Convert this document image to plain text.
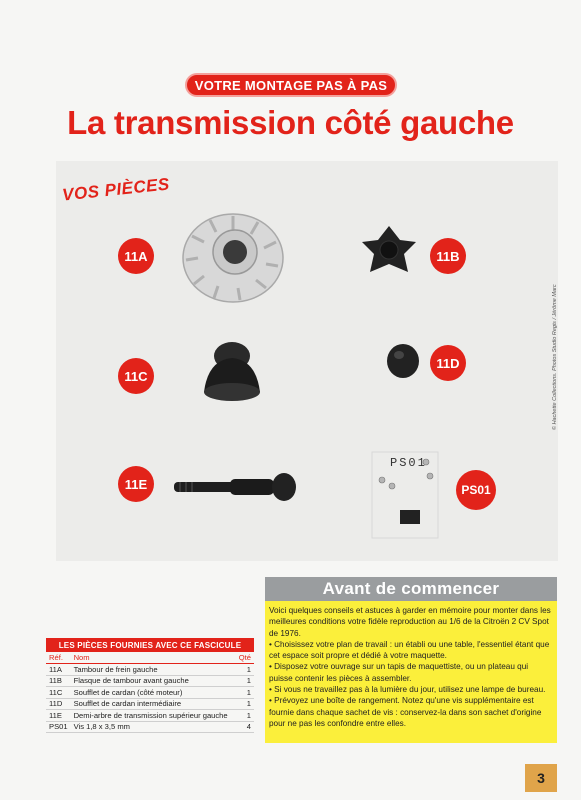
VOTRE MONTAGE PAS À PAS
La transmission côté gauche
VOS PIÈCES
PS01
11A	11B
11C
11D
11E	PS01
© Hachette Collections. Photos Studio Regis / Jérôme Marc
LES PIÈCES FOURNIES AVEC CE FASCICULE
Réf.	Nom	Qté
11A	Tambour de frein gauche	1
11B	Flasque de tambour avant gauche	1
11C	Soufflet de cardan (côté moteur)	1
11D	Soufflet de cardan intermédiaire	1
11E	Demi-arbre de transmission supérieur gauche	1
PS01	Vis 1,8 x 3,5 mm	4
Avant de commencer

Voici quelques conseils et astuces à garder en mémoire pour monter dans les meilleures conditions votre fidèle reproduction au 1/6 de la Citroën 2 CV Spot de 1976.

• Choisissez votre plan de travail : un établi ou une table, l'essentiel étant que cet espace soit propre et dédié à votre maquette.

• Disposez votre ouvrage sur un tapis de maquettiste, ou un plateau qui puisse contenir les pièces à assembler.

• Si vous ne travaillez pas à la lumière du jour, utilisez une lampe de bureau.

• Prévoyez une boîte de rangement. Notez qu'une vis supplémentaire est fournie dans chaque sachet de vis : conservez-la dans son sachet d'origine pour ne pas les confondre entre elles.

3
